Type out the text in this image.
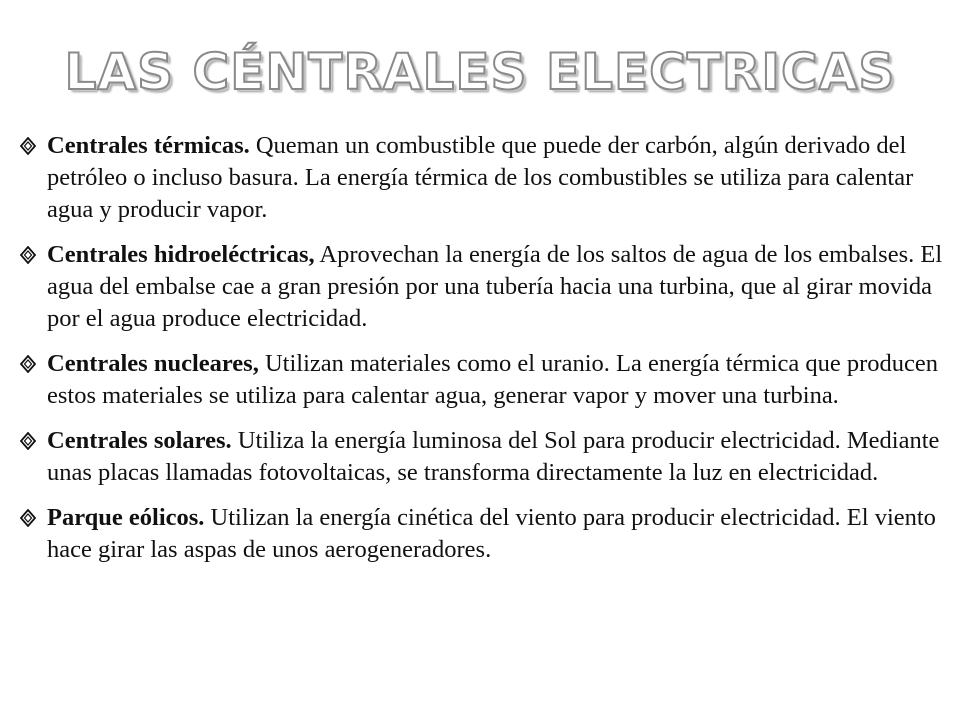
LAS CÉNTRALES ELECTRICAS
Centrales térmicas. Queman un combustible que puede der carbón, algún derivado del petróleo o incluso basura. La energía térmica de los combustibles se utiliza para calentar agua y producir vapor.
Centrales hidroeléctricas, Aprovechan la energía de los saltos de agua de los embalses. El agua del embalse cae a gran presión por una tubería hacia una turbina, que al girar movida por el agua produce electricidad.
Centrales nucleares, Utilizan materiales como el uranio. La energía térmica que producen estos materiales se utiliza para calentar agua, generar vapor y mover una turbina.
Centrales solares. Utiliza la energía luminosa del Sol para producir electricidad. Mediante unas placas llamadas fotovoltaicas, se transforma directamente la luz en electricidad.
Parque eólicos. Utilizan la energía cinética del viento para producir electricidad. El viento hace girar las aspas de unos aerogeneradores.
